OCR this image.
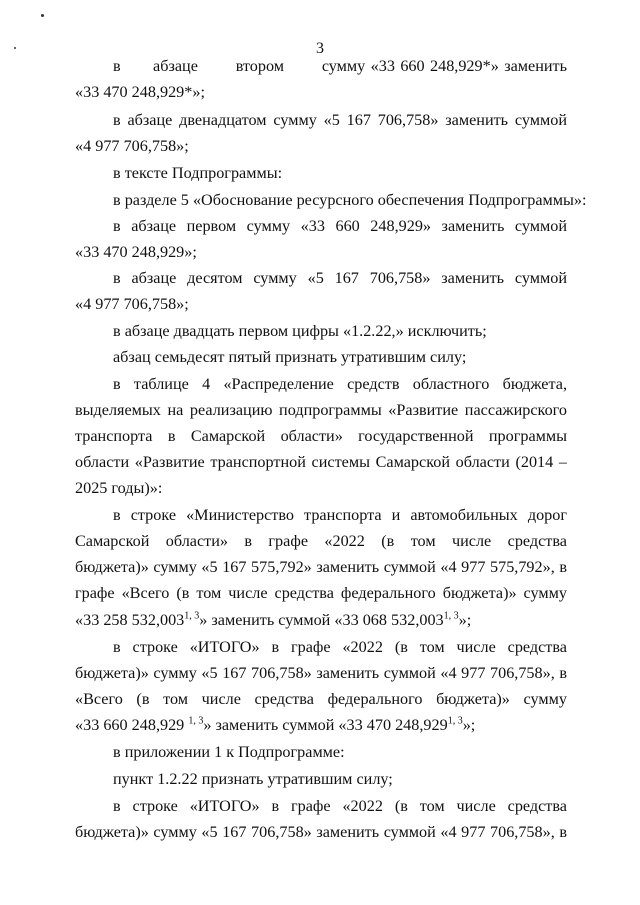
3
в      абзаце       втором       сумму «33 660 248,929*» заменить
«33 470 248,929*»;
в абзаце двенадцатом сумму «5 167 706,758» заменить суммой
«4 977 706,758»;
в тексте Подпрограммы:
в разделе 5 «Обоснование ресурсного обеспечения Подпрограммы»:
в абзаце первом сумму «33 660 248,929» заменить суммой
«33 470 248,929»;
в абзаце десятом сумму «5 167 706,758» заменить суммой
«4 977 706,758»;
в абзаце двадцать первом цифры «1.2.22,» исключить;
абзац семьдесят пятый признать утратившим силу;
в таблице 4 «Распределение средств областного бюджета,
выделяемых на реализацию подпрограммы «Развитие пассажирского
транспорта в Самарской области» государственной программы
области «Развитие транспортной системы Самарской области (2014 –
2025 годы)»:
в строке «Министерство транспорта и автомобильных дорог
Самарской области» в графе «2022 (в том числе средства
бюджета)» сумму «5 167 575,792» заменить суммой «4 977 575,792», в
графе «Всего (в том числе средства федерального бюджета)» сумму
«33 258 532,003$^{1, 3}$» заменить суммой «33 068 532,003$^{1, 3}$»;
в строке «ИТОГО» в графе «2022 (в том числе средства
бюджета)» сумму «5 167 706,758» заменить суммой «4 977 706,758», в
«Всего (в том числе средства федерального бюджета)» сумму
«33 660 248,929 $^{1, 3}$» заменить суммой «33 470 248,929$^{1, 3}$»;
в приложении 1 к Подпрограмме:
пункт 1.2.22 признать утратившим силу;
в строке «ИТОГО» в графе «2022 (в том числе средства
бюджета)» сумму «5 167 706,758» заменить суммой «4 977 706,758», в
